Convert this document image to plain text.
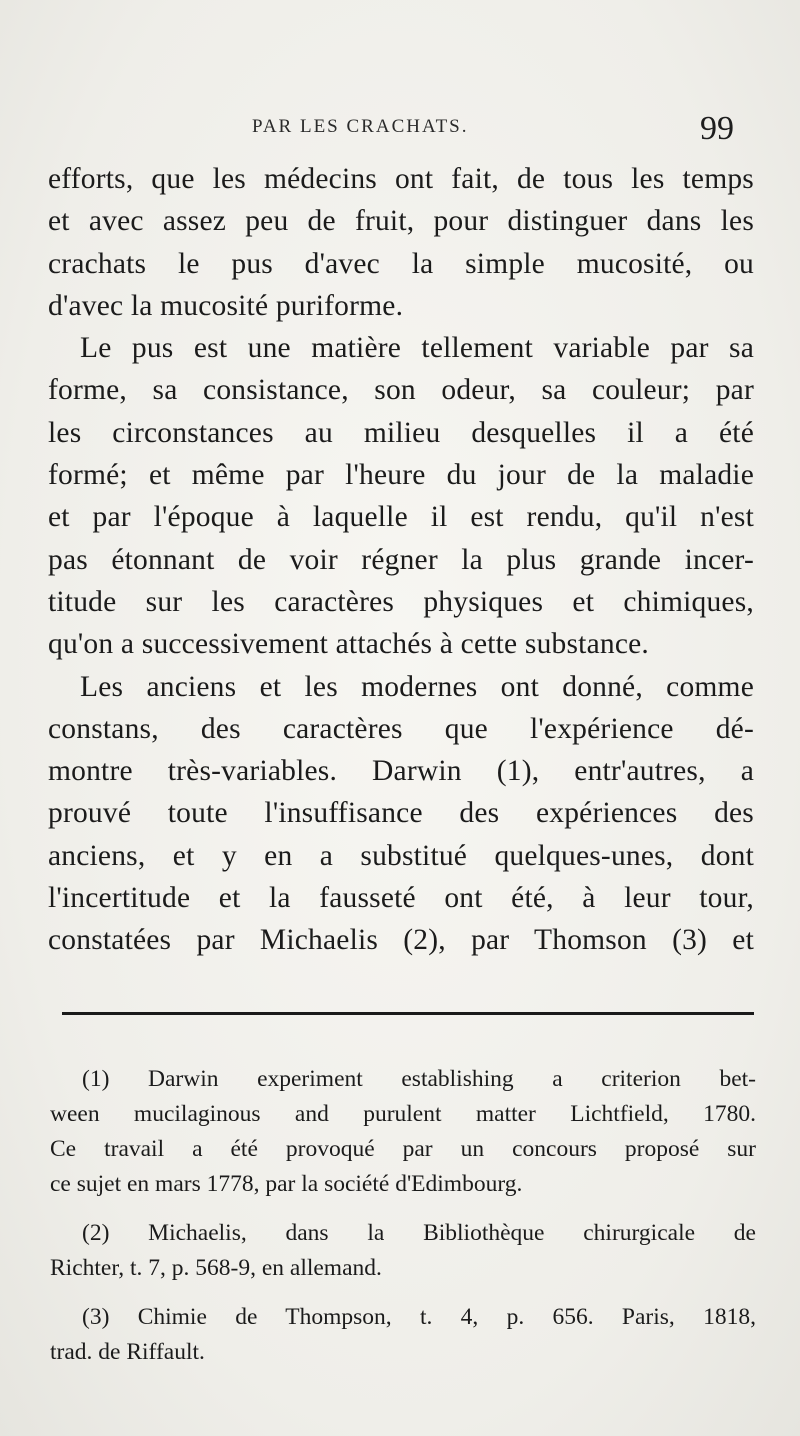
PAR LES CRACHATS.	99
efforts, que les médecins ont fait, de tous les temps
et avec assez peu de fruit, pour distinguer dans les
crachats le pus d'avec la simple mucosité, ou
d'avec la mucosité puriforme.
Le pus est une matière tellement variable par sa
forme, sa consistance, son odeur, sa couleur; par
les circonstances au milieu desquelles il a été
formé; et même par l'heure du jour de la maladie
et par l'époque à laquelle il est rendu, qu'il n'est
pas étonnant de voir régner la plus grande incer-
titude sur les caractères physiques et chimiques,
qu'on a successivement attachés à cette substance.
Les anciens et les modernes ont donné, comme
constans, des caractères que l'expérience dé-
montre très-variables. Darwin (1), entr'autres, a
prouvé toute l'insuffisance des expériences des
anciens, et y en a substitué quelques-unes, dont
l'incertitude et la fausseté ont été, à leur tour,
constatées par Michaelis (2), par Thomson (3) et
(1) Darwin experiment establishing a criterion bet-
ween mucilaginous and purulent matter Lichtfield, 1780.
Ce travail a été provoqué par un concours proposé sur
ce sujet en mars 1778, par la société d'Edimbourg.
(2) Michaelis, dans la Bibliothèque chirurgicale de
Richter, t. 7, p. 568-9, en allemand.
(3) Chimie de Thompson, t. 4, p. 656. Paris, 1818,
trad. de Riffault.
